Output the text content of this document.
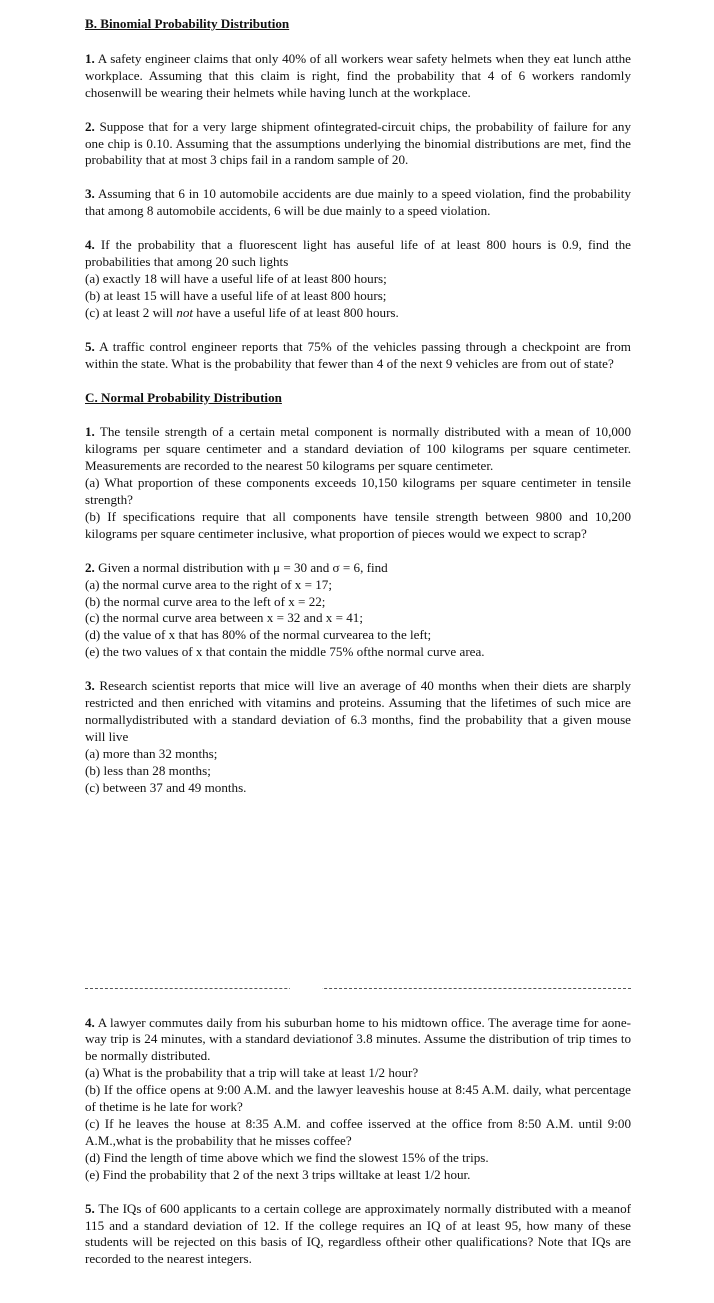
B. Binomial Probability Distribution

1. A safety engineer claims that only 40% of all workers wear safety helmets when they eat lunch atthe workplace. Assuming that this claim is right, find the probability that 4 of 6 workers randomly chosenwill be wearing their helmets while having lunch at the workplace.

2. Suppose that for a very large shipment ofintegrated-circuit chips, the probability of failure for any one chip is 0.10. Assuming that the assumptions underlying the binomial distributions are met, find the probability that at most 3 chips fail in a random sample of 20.

3. Assuming that 6 in 10 automobile accidents are due mainly to a speed violation, find the probability that among 8 automobile accidents, 6 will be due mainly to a speed violation.

4. If the probability that a fluorescent light has auseful life of at least 800 hours is 0.9, find the probabilities that among 20 such lights

(a) exactly 18 will have a useful life of at least 800 hours;
(b) at least 15 will have a useful life of at least 800 hours;
(c) at least 2 will not have a useful life of at least 800 hours.

5. A traffic control engineer reports that 75% of the vehicles passing through a checkpoint are from within the state. What is the probability that fewer than 4 of the next 9 vehicles are from out of state?

C. Normal Probability Distribution

1. The tensile strength of a certain metal component is normally distributed with a mean of 10,000 kilograms per square centimeter and a standard deviation of 100 kilograms per square centimeter. Measurements are recorded to the nearest 50 kilograms per square centimeter.

(a) What proportion of these components exceeds 10,150 kilograms per square centimeter in tensile strength?

(b) If specifications require that all components have tensile strength between 9800 and 10,200 kilograms per square centimeter inclusive, what proportion of pieces would we expect to scrap?

2. Given a normal distribution with μ = 30 and σ = 6, find

(a) the normal curve area to the right of x = 17;
(b) the normal curve area to the left of x = 22;
(c) the normal curve area between x = 32 and x = 41;
(d) the value of x that has 80% of the normal curvearea to the left;
(e) the two values of x that contain the middle 75% ofthe normal curve area.

3. Research scientist reports that mice will live an average of 40 months when their diets are sharply restricted and then enriched with vitamins and proteins. Assuming that the lifetimes of such mice are normallydistributed with a standard deviation of 6.3 months, find the probability that a given mouse will live

(a) more than 32 months;
(b) less than 28 months;
(c) between 37 and 49 months.

4. A lawyer commutes daily from his suburban home to his midtown office. The average time for aone-way trip is 24 minutes, with a standard deviationof 3.8 minutes. Assume the distribution of trip times to be normally distributed.

(a) What is the probability that a trip will take at least 1/2 hour?

(b) If the office opens at 9:00 A.M. and the lawyer leaveshis house at 8:45 A.M. daily, what percentage of thetime is he late for work?

(c) If he leaves the house at 8:35 A.M. and coffee isserved at the office from 8:50 A.M. until 9:00 A.M.,what is the probability that he misses coffee?

(d) Find the length of time above which we find the slowest 15% of the trips.
(e) Find the probability that 2 of the next 3 trips willtake at least 1/2 hour.

5. The IQs of 600 applicants to a certain college are approximately normally distributed with a meanof 115 and a standard deviation of 12. If the college requires an IQ of at least 95, how many of these students will be rejected on this basis of IQ, regardless oftheir other qualifications? Note that IQs are recorded to the nearest integers.
